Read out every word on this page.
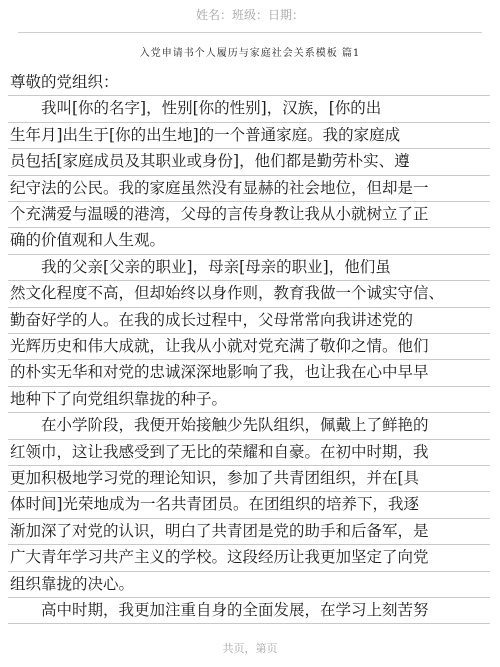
姓名：班级：日期：
入党申请书个人履历与家庭社会关系模板 篇1
尊敬的党组织：
　　我叫[你的名字]，性别[你的性别]，汉族，[你的出
生年月]出生于[你的出生地]的一个普通家庭。我的家庭成
员包括[家庭成员及其职业或身份]，他们都是勤劳朴实、遵
纪守法的公民。我的家庭虽然没有显赫的社会地位，但却是一
个充满爱与温暖的港湾，父母的言传身教让我从小就树立了正
确的价值观和人生观。
　　我的父亲[父亲的职业]，母亲[母亲的职业]，他们虽
然文化程度不高，但却始终以身作则，教育我做一个诚实守信、
勤奋好学的人。在我的成长过程中，父母常常向我讲述党的
光辉历史和伟大成就，让我从小就对党充满了敬仰之情。他们
的朴实无华和对党的忠诚深深地影响了我，也让我在心中早早
地种下了向党组织靠拢的种子。
　　在小学阶段，我便开始接触少先队组织，佩戴上了鲜艳的
红领巾，这让我感受到了无比的荣耀和自豪。在初中时期，我
更加积极地学习党的理论知识，参加了共青团组织，并在[具
体时间]光荣地成为一名共青团员。在团组织的培养下，我逐
渐加深了对党的认识，明白了共青团是党的助手和后备军，是
广大青年学习共产主义的学校。这段经历让我更加坚定了向党
组织靠拢的决心。
　　高中时期，我更加注重自身的全面发展，在学习上刻苦努
共页，第页
